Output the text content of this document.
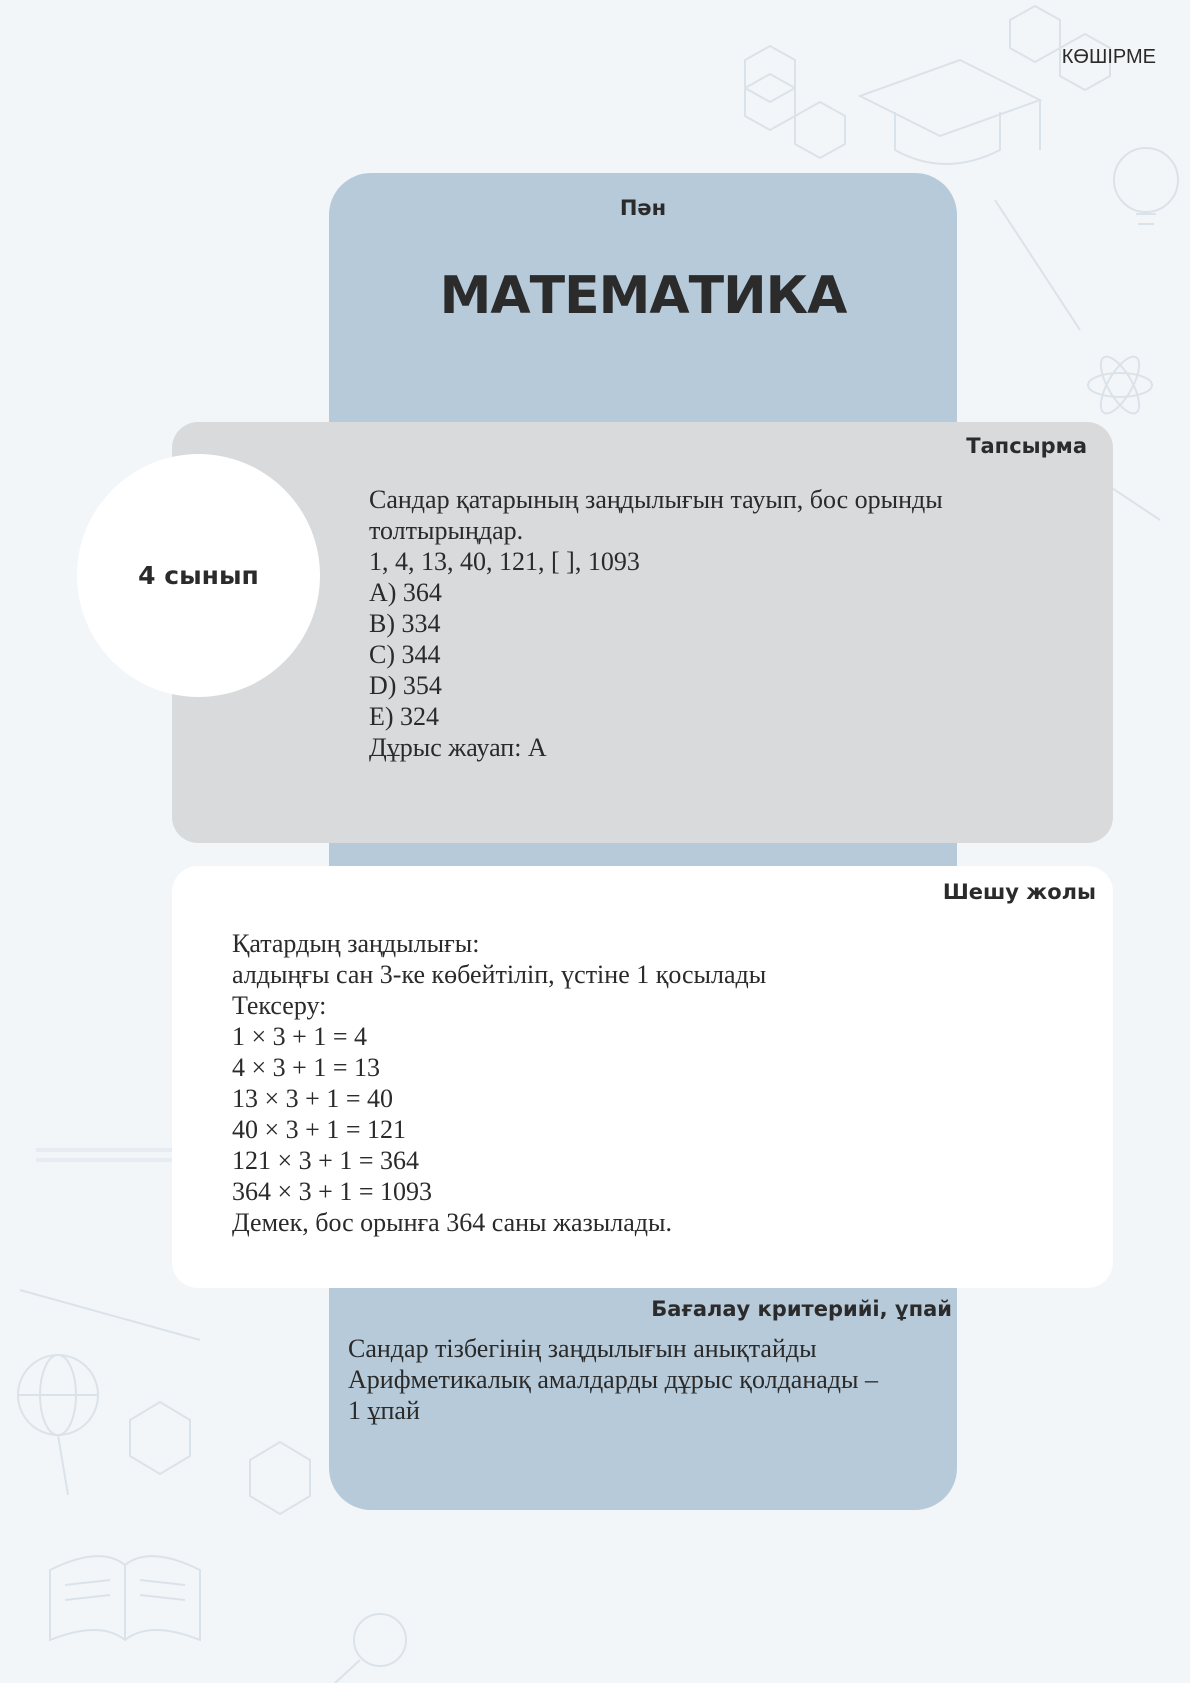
КӨШІРМЕ
Пән
МАТЕМАТИКА
Тапсырма
4 сынып
Сандар қатарының заңдылығын тауып, бос орынды
толтырыңдар.
1, 4, 13, 40, 121, [ ], 1093
A) 364
B) 334
C) 344
D) 354
E) 324
Дұрыс жауап: A
Шешу жолы
Қатардың заңдылығы:
алдыңғы сан 3-ке көбейтіліп, үстіне 1 қосылады
Тексеру:
1 × 3 + 1 = 4
4 × 3 + 1 = 13
13 × 3 + 1 = 40
40 × 3 + 1 = 121
121 × 3 + 1 = 364
364 × 3 + 1 = 1093
Демек, бос орынға 364 саны жазылады.
Бағалау критерийі, ұпай
Сандар тізбегінің заңдылығын анықтайды
Арифметикалық амалдарды дұрыс қолданады –
1 ұпай
